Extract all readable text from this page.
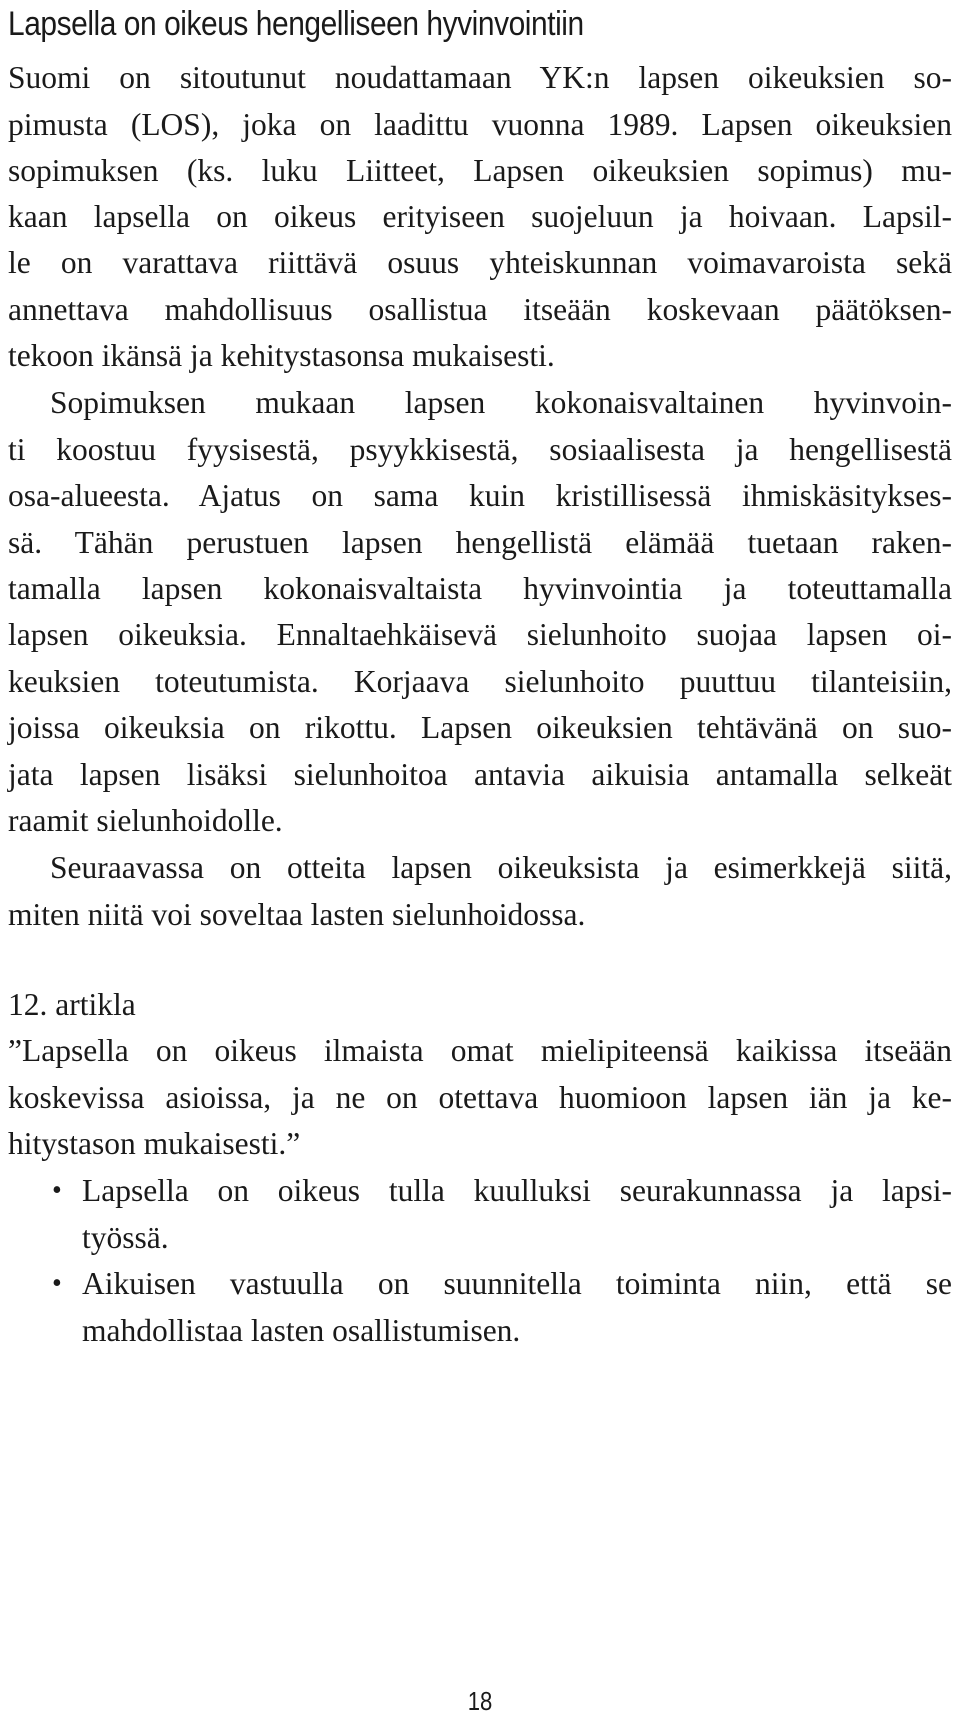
Lapsella on oikeus hengelliseen hyvinvointiin
Suomi on sitoutunut noudattamaan YK:n lapsen oikeuksien so-
pimusta (LOS), joka on laadittu vuonna 1989. Lapsen oikeuksien
sopimuksen (ks. luku Liitteet, Lapsen oikeuksien sopimus) mu-
kaan lapsella on oikeus erityiseen suojeluun ja hoivaan. Lapsil-
le on varattava riittävä osuus yhteiskunnan voimavaroista sekä
annettava mahdollisuus osallistua itseään koskevaan päätöksen-
tekoon ikänsä ja kehitystasonsa mukaisesti.
Sopimuksen mukaan lapsen kokonaisvaltainen hyvinvoin-
ti koostuu fyysisestä, psyykkisestä, sosiaalisesta ja hengellisestä
osa-alueesta. Ajatus on sama kuin kristillisessä ihmiskäsitykses-
sä. Tähän perustuen lapsen hengellistä elämää tuetaan raken-
tamalla lapsen kokonaisvaltaista hyvinvointia ja toteuttamalla
lapsen oikeuksia. Ennaltaehkäisevä sielunhoito suojaa lapsen oi-
keuksien toteutumista. Korjaava sielunhoito puuttuu tilanteisiin,
joissa oikeuksia on rikottu. Lapsen oikeuksien tehtävänä on suo-
jata lapsen lisäksi sielunhoitoa antavia aikuisia antamalla selkeät
raamit sielunhoidolle.
Seuraavassa on otteita lapsen oikeuksista ja esimerkkejä siitä,
miten niitä voi soveltaa lasten sielunhoidossa.
12. artikla
”Lapsella on oikeus ilmaista omat mielipiteensä kaikissa itseään
koskevissa asioissa, ja ne on otettava huomioon lapsen iän ja ke-
hitystason mukaisesti.”
• Lapsella on oikeus tulla kuulluksi seurakunnassa ja lapsi-
työssä.
• Aikuisen vastuulla on suunnitella toiminta niin, että se
mahdollistaa lasten osallistumisen.
18
